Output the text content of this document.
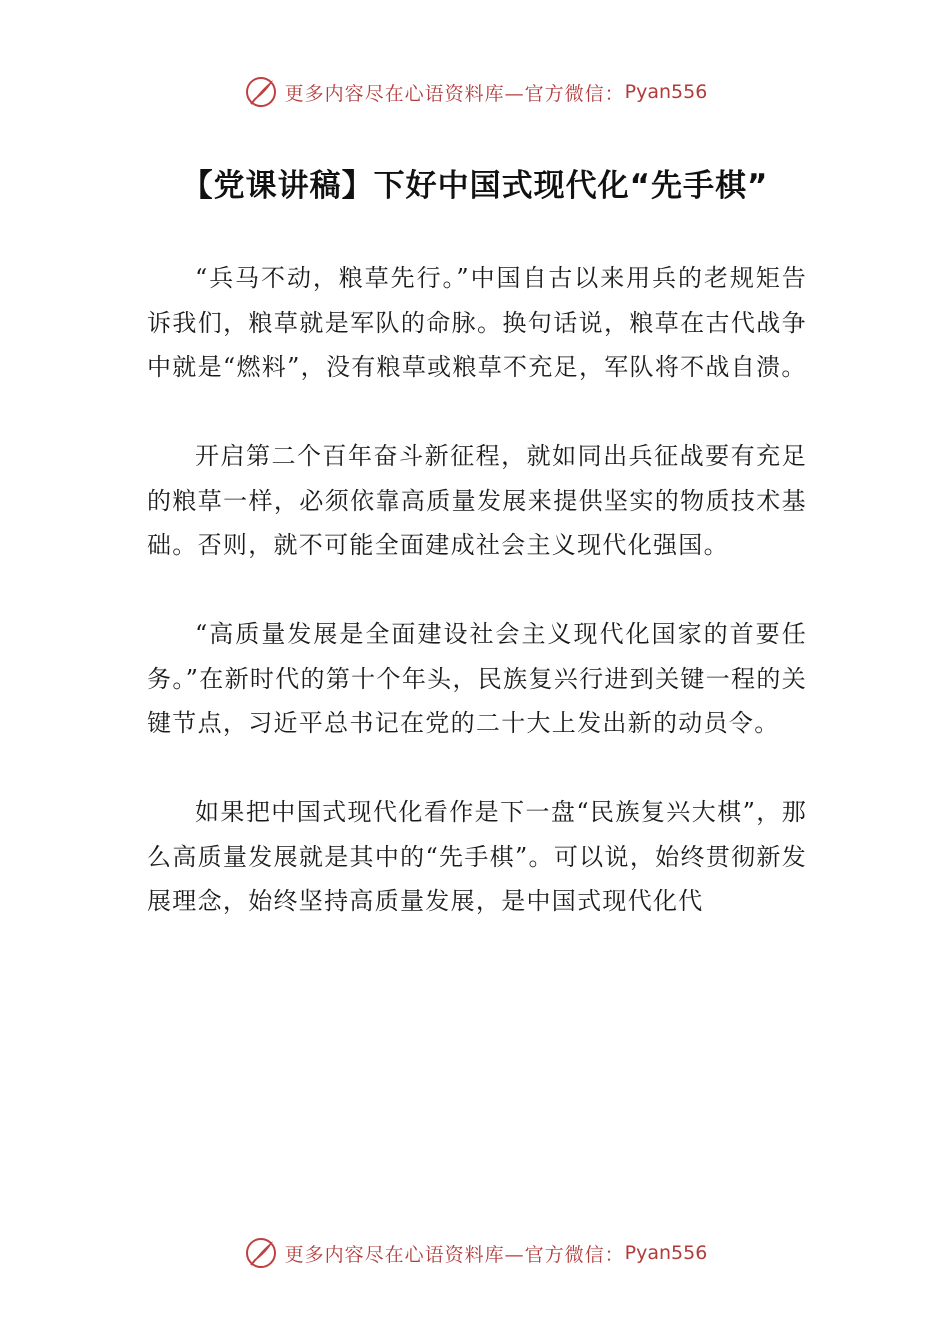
更多内容尽在心语资料库—官方微信： Pyan556
【党课讲稿】下好中国式现代化“先手棋”

“兵马不动，粮草先行。”中国自古以来用兵的老规矩告诉我们，粮草就是军队的命脉。换句话说，粮草在古代战争中就是“燃料”，没有粮草或粮草不充足，军队将不战自溃。

开启第二个百年奋斗新征程，就如同出兵征战要有充足的粮草一样，必须依靠高质量发展来提供坚实的物质技术基础。否则，就不可能全面建成社会主义现代化强国。

“高质量发展是全面建设社会主义现代化国家的首要任务。”在新时代的第十个年头，民族复兴行进到关键一程的关键节点，习近平总书记在党的二十大上发出新的动员令。

如果把中国式现代化看作是下一盘“民族复兴大棋”，那么高质量发展就是其中的“先手棋”。可以说，始终贯彻新发展理念，始终坚持高质量发展，是中国式现代化代

更多内容尽在心语资料库—官方微信： Pyan556
